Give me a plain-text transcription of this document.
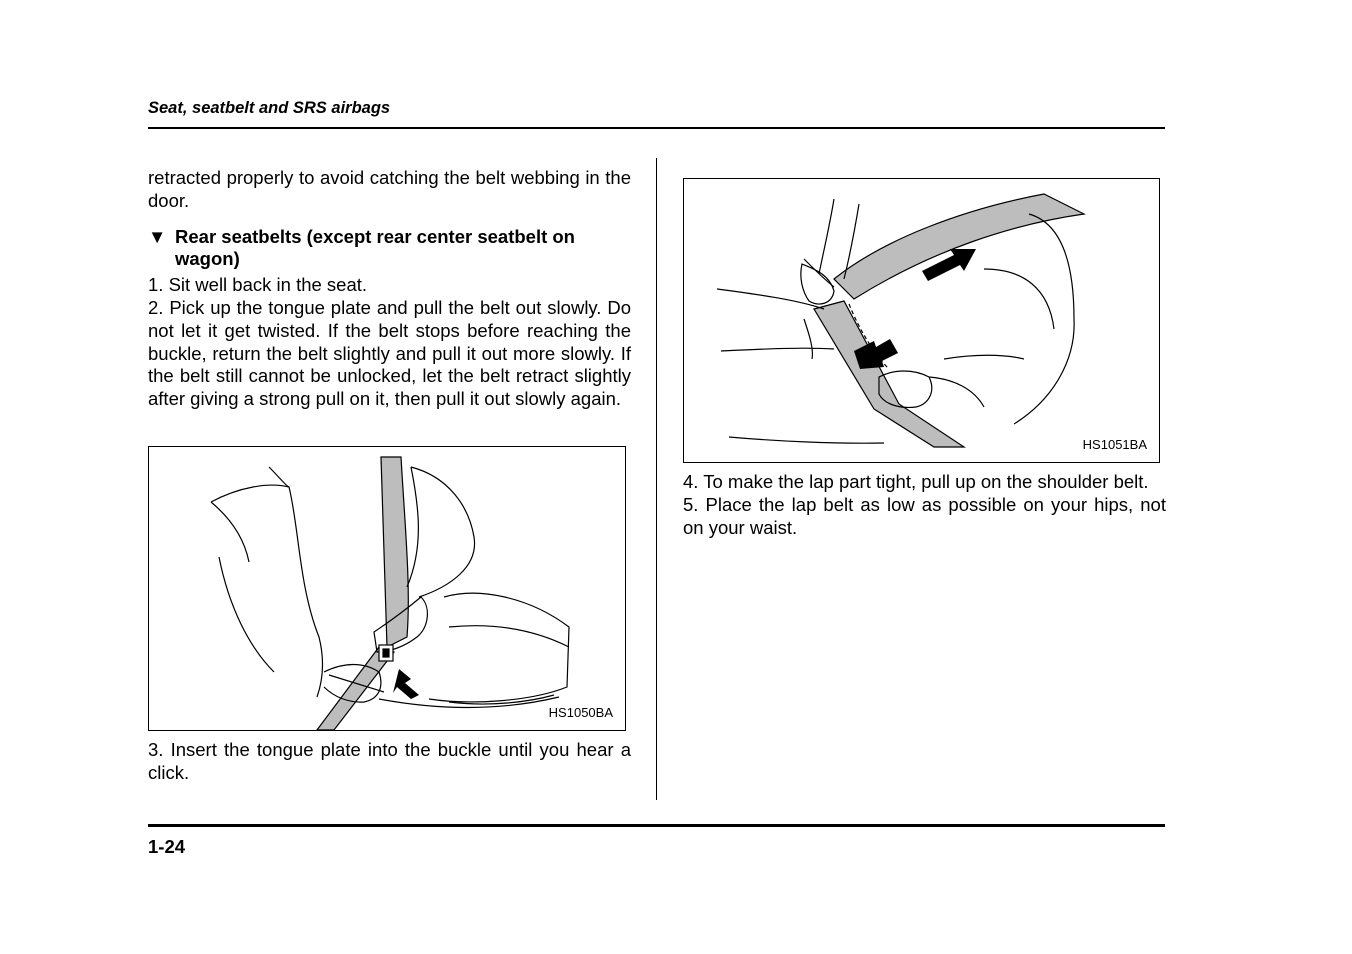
Seat, seatbelt and SRS airbags

retracted properly to avoid catching the belt webbing in the door.

▼ Rear seatbelts (except rear center seatbelt on wagon)

1. Sit well back in the seat.

2. Pick up the tongue plate and pull the belt out slowly. Do not let it get twisted. If the belt stops before reaching the buckle, return the belt slightly and pull it out more slowly. If the belt still cannot be unlocked, let the belt retract slightly after giving a strong pull on it, then pull it out slowly again.

HS1050BA

3. Insert the tongue plate into the buckle until you hear a click.

HS1051BA

4. To make the lap part tight, pull up on the shoulder belt.

5. Place the lap belt as low as possible on your hips, not on your waist.

1-24
